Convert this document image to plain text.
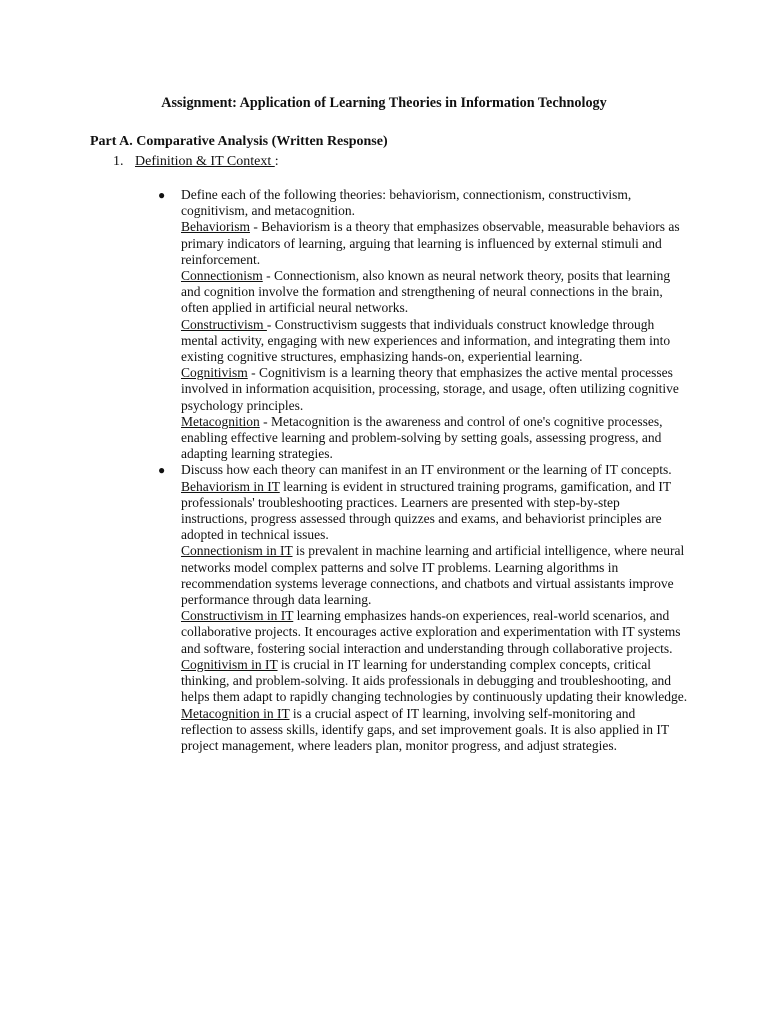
Assignment: Application of Learning Theories in Information Technology
Part A. Comparative Analysis (Written Response)

1. Definition & IT Context :

● Define each of the following theories: behaviorism, connectionism, constructivism, cognitivism, and metacognition.
Behaviorism - Behaviorism is a theory that emphasizes observable, measurable behaviors as primary indicators of learning, arguing that learning is influenced by external stimuli and reinforcement.
Connectionism - Connectionism, also known as neural network theory, posits that learning and cognition involve the formation and strengthening of neural connections in the brain, often applied in artificial neural networks.
Constructivism - Constructivism suggests that individuals construct knowledge through mental activity, engaging with new experiences and information, and integrating them into existing cognitive structures, emphasizing hands-on, experiential learning.
Cognitivism - Cognitivism is a learning theory that emphasizes the active mental processes involved in information acquisition, processing, storage, and usage, often utilizing cognitive psychology principles.
Metacognition - Metacognition is the awareness and control of one's cognitive processes, enabling effective learning and problem-solving by setting goals, assessing progress, and adapting learning strategies.
● Discuss how each theory can manifest in an IT environment or the learning of IT concepts.
Behaviorism in IT learning is evident in structured training programs, gamification, and IT professionals' troubleshooting practices. Learners are presented with step-by-step instructions, progress assessed through quizzes and exams, and behaviorist principles are adopted in technical issues.
Connectionism in IT is prevalent in machine learning and artificial intelligence, where neural networks model complex patterns and solve IT problems. Learning algorithms in recommendation systems leverage connections, and chatbots and virtual assistants improve performance through data learning.
Constructivism in IT learning emphasizes hands-on experiences, real-world scenarios, and collaborative projects. It encourages active exploration and experimentation with IT systems and software, fostering social interaction and understanding through collaborative projects.
Cognitivism in IT is crucial in IT learning for understanding complex concepts, critical thinking, and problem-solving. It aids professionals in debugging and troubleshooting, and helps them adapt to rapidly changing technologies by continuously updating their knowledge.
Metacognition in IT is a crucial aspect of IT learning, involving self-monitoring and reflection to assess skills, identify gaps, and set improvement goals. It is also applied in IT project management, where leaders plan, monitor progress, and adjust strategies.
